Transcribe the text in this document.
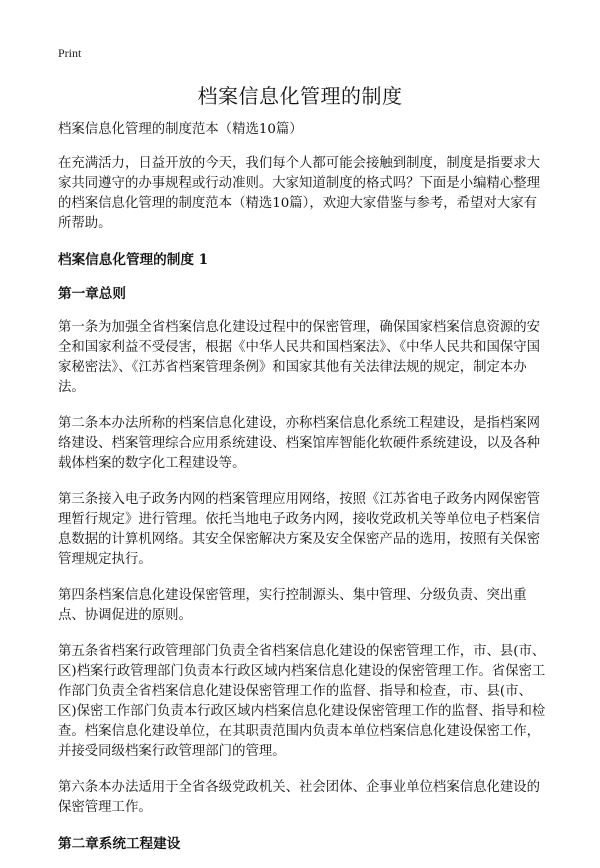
Print
档案信息化管理的制度

档案信息化管理的制度范本（精选10篇）

在充满活力，日益开放的今天，我们每个人都可能会接触到制度，制度是指要求大家共同遵守的办事规程或行动准则。大家知道制度的格式吗？下面是小编精心整理的档案信息化管理的制度范本（精选10篇），欢迎大家借鉴与参考，希望对大家有所帮助。

档案信息化管理的制度 1
第一章总则

第一条为加强全省档案信息化建设过程中的保密管理，确保国家档案信息资源的安全和国家利益不受侵害，根据《中华人民共和国档案法》、《中华人民共和国保守国家秘密法》、《江苏省档案管理条例》和国家其他有关法律法规的规定，制定本办法。

第二条本办法所称的档案信息化建设，亦称档案信息化系统工程建设，是指档案网络建设、档案管理综合应用系统建设、档案馆库智能化软硬件系统建设，以及各种载体档案的数字化工程建设等。

第三条接入电子政务内网的档案管理应用网络，按照《江苏省电子政务内网保密管理暂行规定》进行管理。依托当地电子政务内网，接收党政机关等单位电子档案信息数据的计算机网络。其安全保密解决方案及安全保密产品的选用，按照有关保密管理规定执行。

第四条档案信息化建设保密管理，实行控制源头、集中管理、分级负责、突出重点、协调促进的原则。

第五条省档案行政管理部门负责全省档案信息化建设的保密管理工作，市、县(市、区)档案行政管理部门负责本行政区域内档案信息化建设的保密管理工作。省保密工作部门负责全省档案信息化建设保密管理工作的监督、指导和检查，市、县(市、区)保密工作部门负责本行政区域内档案信息化建设保密管理工作的监督、指导和检查。档案信息化建设单位，在其职责范围内负责本单位档案信息化建设保密工作，并接受同级档案行政管理部门的管理。

第六条本办法适用于全省各级党政机关、社会团体、企事业单位档案信息化建设的保密管理工作。

第二章系统工程建设
